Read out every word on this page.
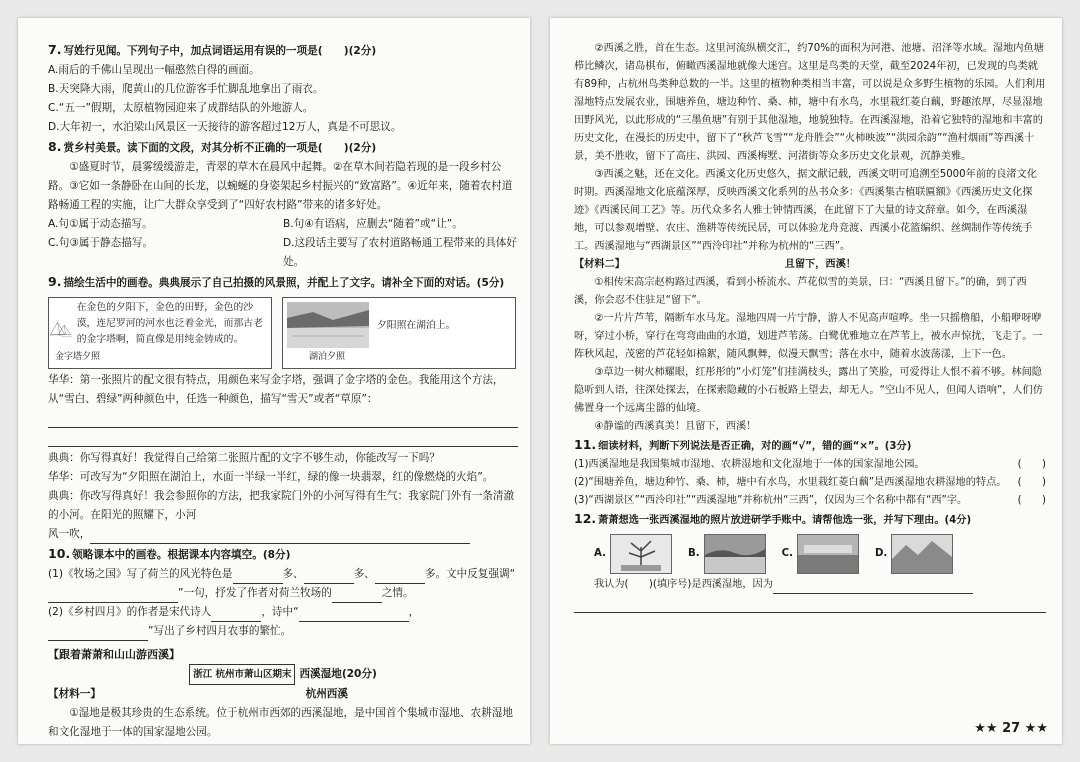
7. 写姓行见闻。下列句子中，加点词语运用有误的一项是(　　)(2分)

A.雨后的千佛山呈现出一幅憨然自得的画面。

B.天突降大雨，爬黄山的几位游客手忙脚乱地拿出了雨衣。

C.“五一”假期，太原植物园迎来了成群结队的外地游人。

D.大年初一，水泊梁山风景区一天接待的游客超过12万人，真是不可思议。

8. 赏乡村美景。读下面的文段，对其分析不正确的一项是(　　)(2分)

①盛夏时节，晨雾缓缓游走，青翠的草木在晨风中起舞。②在草木间若隐若现的是一段乡村公路。③它如一条静卧在山间的长龙，以蜿蜒的身姿架起乡村振兴的“致富路”。④近年来，随着农村道路畅通工程的实施，让广大群众享受到了“四好农村路”带来的诸多好处。

A.句①属于动态描写。	B.句④有语病，应删去“随着”或“让”。
C.句③属于静态描写。	D.这段话主要写了农村道路畅通工程带来的具体好处。

9. 描绘生活中的画卷。典典展示了自己拍摄的风景照，并配上了文字。请补全下面的对话。(5分)

在金色的夕阳下，金色的田野，金色的沙漠，连尼罗河的河水也泛着金光，而那古老的金字塔啊，简直像是用纯金铸成的。
金字塔夕照
夕阳照在湖泊上。
湖泊夕照

华华：第一张照片的配文很有特点，用颜色来写金字塔，强调了金字塔的金色。我能用这个方法，从“雪白、碧绿”两种颜色中，任选一种颜色，描写“雪天”或者“草原”：

典典：你写得真好！我觉得自己给第二张照片配的文字不够生动，你能改写一下吗？

华华：可改写为“夕阳照在湖泊上，水面一半绿一半红，绿的像一块翡翠，红的像燃烧的火焰”。

典典：你改写得真好！我会参照你的方法，把我家院门外的小河写得有生气：我家院门外有一条清澈的小河。在阳光的照耀下，小河

风一吹，

10. 领略课本中的画卷。根据课本内容填空。(8分)

(1)《牧场之国》写了荷兰的风光特色是	多、	多、	多。文中反复强调“”一句，抒发了作者对荷兰牧场的	之情。

(2)《乡村四月》的作者是宋代诗人	，诗中“	，”写出了乡村四月农事的繁忙。

【跟着萧萧和山山游西溪】

浙江 杭州市萧山区期末 西溪湿地(20分)
【材料一】	杭州西溪

①湿地是极其珍贵的生态系统。位于杭州市西郊的西溪湿地，是中国首个集城市湿地、农耕湿地和文化湿地于一体的国家湿地公园。

②西溪之胜，首在生态。这里河流纵横交汇，约70%的面积为河港、池塘、沼泽等水域。湿地内鱼塘栉比鳞次，诸岛棋布，俯瞰西溪湿地就像大迷宫。这里是鸟类的天堂，截至2024年初，已发现的鸟类就有89种，占杭州鸟类种总数的一半。这里的植物种类相当丰富，可以说是众多野生植物的乐园。人们利用湿地特点发展农业，围塘养鱼，塘边种竹、桑、柿，塘中有水鸟，水里栽红菱白藕，野趣浓厚，尽显湿地田野风光，以此形成的“三墨鱼塘”有别于其他湿地，地貌独特。在西溪湿地，沿着它独特的湿地和丰富的历史文化，在漫长的历史中，留下了“秋芦飞雪”“龙舟胜会”“火柿映波”“洪园余韵”“渔村烟雨”等西溪十景，美不胜收，留下了高庄、洪园、西溪梅墅、河渚街等众多历史文化景观，沉静美雅。

③西溪之魅，还在文化。西溪文化历史悠久，据文献记载，西溪文明可追溯至5000年前的良渚文化时期。西溪湿地文化底蕴深厚，反映西溪文化系列的丛书众多：《西溪集古植联匾额》《西溪历史文化探迹》《西溪民间工艺》等。历代众多名人雅士钟情西溪，在此留下了大量的诗文辞章。如今，在西溪湿地，可以参观增壁、农庄、渔耕等传统民居，可以体验龙舟竞渡、西溪小花篮编织、丝绸制作等传统手工。西溪湿地与“西湖景区”“西泠印社”并称为杭州的“三西”。

【材料二】	且留下，西溪！

①相传宋高宗赵构路过西溪，看到小桥流水、芦花似雪的美景，曰：“西溪且留下。”的确，到了西溪，你会忍不住驻足“留下”。

②一片片芦苇，隔断车水马龙。湿地四周一片宁静，游人不见高声喧哗。坐一只摇橹船，小船咿呀咿呀，穿过小桥，穿行在弯弯曲曲的水道，划进芦苇荡。白鹭优雅地立在芦苇上，被水声惊扰，飞走了。一阵秋风起，茂密的芦花轻如棉絮，随风飘舞，似漫天飘雪；落在水中，随着水波荡漾，上下一色。

③草边一树火柿耀眼，红彤彤的“小灯笼”们挂满枝头，露出了笑脸，可爱得让人恨不着不够。林间隐隐听到人语，往深处探去，在探索隐藏的小石板路上望去，却无人。“空山不见人，但闻人语响”，人们仿佛置身一个远离尘嚣的仙境。

④静谧的西溪真美！且留下，西溪！

11. 细读材料，判断下列说法是否正确，对的画“√”，错的画“×”。(3分)

(1)西溪湿地是我国集城市湿地、农耕湿地和文化湿地于一体的国家湿地公园。	(　　)

(2)“围塘养鱼，塘边种竹、桑、柿，塘中有水鸟，水里栽红菱白藕”是西溪湿地农耕湿地的特点。 (　　)

(3)“西湖景区”“西泠印社”“西溪湿地”并称杭州“三西”，仅因为三个名称中都有“西”字。	(　　)

12. 萧萧想选一张西溪湿地的照片放进研学手账中。请帮他选一张，并写下理由。(4分)

A.	B.	C.	D.

我认为(　　)(填序号)是西溪湿地，因为

★★ 27 ★★
